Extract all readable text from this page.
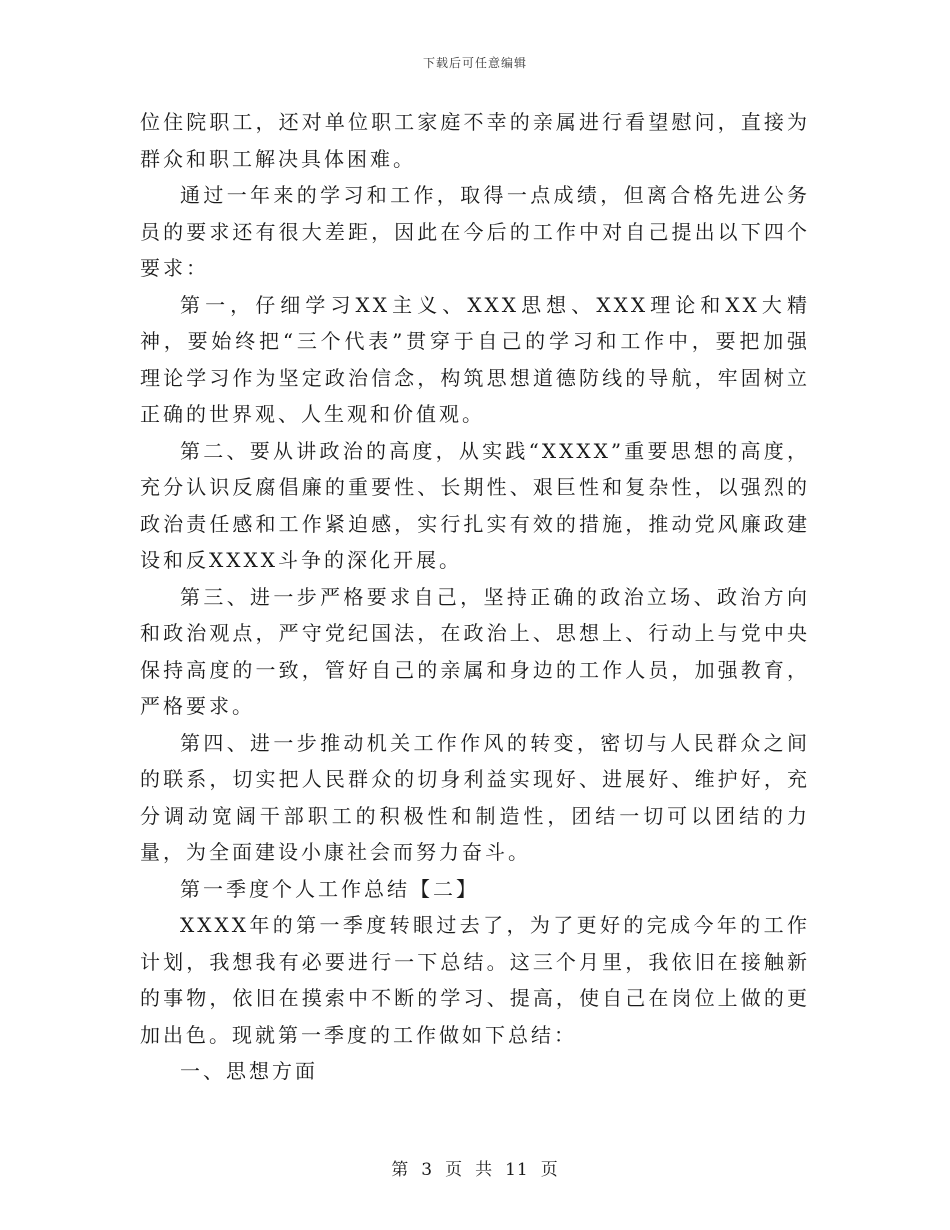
下载后可任意编辑

位住院职工，还对单位职工家庭不幸的亲属进行看望慰问，直接为群众和职工解决具体困难。

通过一年来的学习和工作，取得一点成绩，但离合格先进公务员的要求还有很大差距，因此在今后的工作中对自己提出以下四个要求：

第一，仔细学习XX主义、XXX思想、XXX理论和XX大精神，要始终把“三个代表”贯穿于自己的学习和工作中，要把加强理论学习作为坚定政治信念，构筑思想道德防线的导航，牢固树立正确的世界观、人生观和价值观。

第二、要从讲政治的高度，从实践“XXXX”重要思想的高度，充分认识反腐倡廉的重要性、长期性、艰巨性和复杂性，以强烈的政治责任感和工作紧迫感，实行扎实有效的措施，推动党风廉政建设和反XXXX斗争的深化开展。

第三、进一步严格要求自己，坚持正确的政治立场、政治方向和政治观点，严守党纪国法，在政治上、思想上、行动上与党中央保持高度的一致，管好自己的亲属和身边的工作人员，加强教育，严格要求。

第四、进一步推动机关工作作风的转变，密切与人民群众之间的联系，切实把人民群众的切身利益实现好、进展好、维护好，充分调动宽阔干部职工的积极性和制造性，团结一切可以团结的力量，为全面建设小康社会而努力奋斗。

第一季度个人工作总结【二】

XXXX年的第一季度转眼过去了，为了更好的完成今年的工作计划，我想我有必要进行一下总结。这三个月里，我依旧在接触新的事物，依旧在摸索中不断的学习、提高，使自己在岗位上做的更加出色。现就第一季度的工作做如下总结：

一、思想方面

第 3 页 共 11 页
